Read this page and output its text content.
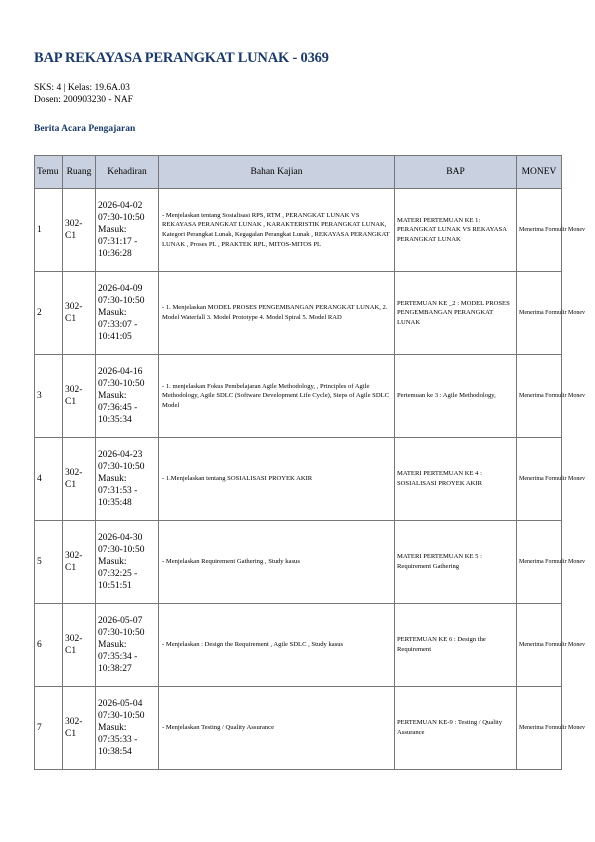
BAP REKAYASA PERANGKAT LUNAK - 0369
SKS: 4 | Kelas: 19.6A.03
Dosen: 200903230 - NAF
Berita Acara Pengajaran
Temu	Ruang	Kehadiran	Bahan Kajian	BAP	MONEV
1	302-C1	2026-04-02 07:30-10:50 Masuk: 07:31:17 - 10:36:28	- Menjelaskan tentang Sosialisasi RPS, RTM , PERANGKAT LUNAK VS REKAYASA PERANGKAT LUNAK , KARAKTERISTIK PERANGKAT LUNAK, Kategori Perangkat Lunak, Kegagalan Perangkat Lunak , REKAYASA PERANGKAT LUNAK , Proses PL , PRAKTEK RPL, MITOS-MITOS PL	MATERI PERTEMUAN KE 1: PERANGKAT LUNAK VS REKAYASA PERANGKAT LUNAK	Menerima Formulir Monev
2	302-C1	2026-04-09 07:30-10:50 Masuk: 07:33:07 - 10:41:05	- 1. Menjelaskan MODEL PROSES PENGEMBANGAN PERANGKAT LUNAK, 2. Model Waterfall 3. Model Prototype 4. Model Spiral 5. Model RAD	PERTEMUAN KE _2 : MODEL PROSES PENGEMBANGAN PERANGKAT LUNAK	Menerima Formulir Monev
3	302-C1	2026-04-16 07:30-10:50 Masuk: 07:36:45 - 10:35:34	- 1. menjelaskan Fokus Pembelajaran Agile Methodology, , Principles of Agile Methodology, Agile SDLC (Software Development Life Cycle), Steps of Agile SDLC Model	Pertemuan ke 3 : Agile Methodology,	Menerima Formulir Monev
4	302-C1	2026-04-23 07:30-10:50 Masuk: 07:31:53 - 10:35:48	- 1.Menjelaskan tentang SOSIALISASI PROYEK AKIR	MATERI PERTEMUAN KE 4 : SOSIALISASI PROYEK AKIR	Menerima Formulir Monev
5	302-C1	2026-04-30 07:30-10:50 Masuk: 07:32:25 - 10:51:51	- Menjelaskan Requirement Gathering , Study kasus	MATERI PERTEMUAN KE 5 : Requirement Gathering	Menerima Formulir Monev
6	302-C1	2026-05-07 07:30-10:50 Masuk: 07:35:34 - 10:38:27	- Menjelaskan : Design the Requirement , Agile SDLC , Study kasus	PERTEMUAN KE 6 : Design the Requirement	Menerima Formulir Monev
7	302-C1	2026-05-04 07:30-10:50 Masuk: 07:35:33 - 10:38:54	- Menjelaskan Testing / Quality Assurance	PERTEMUAN KE-9 : Testing / Quality Assurance	Menerima Formulir Monev
